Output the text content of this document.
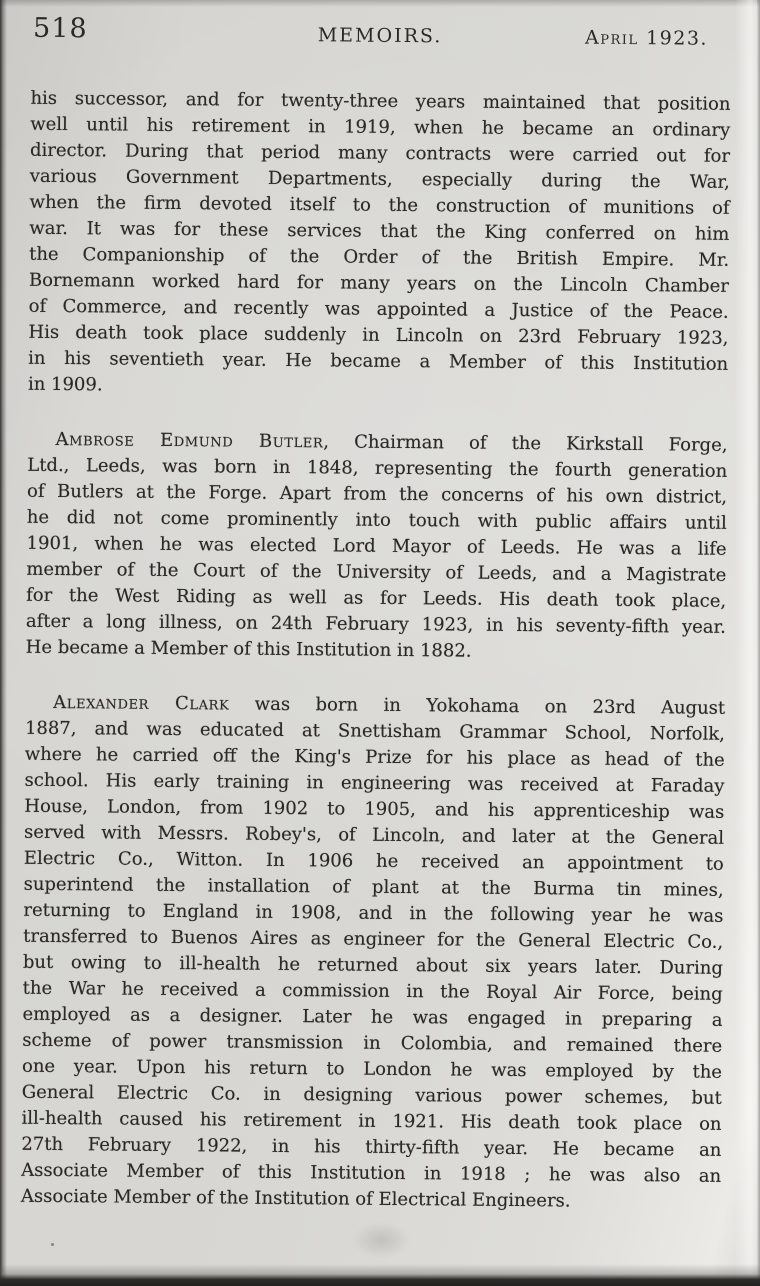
518	MEMOIRS.	April 1923.
his successor, and for twenty-three years maintained that position
well until his retirement in 1919, when he became an ordinary
director. During that period many contracts were carried out for
various Government Departments, especially during the War,
when the firm devoted itself to the construction of munitions of
war. It was for these services that the King conferred on him
the Companionship of the Order of the British Empire. Mr.
Bornemann worked hard for many years on the Lincoln Chamber
of Commerce, and recently was appointed a Justice of the Peace.
His death took place suddenly in Lincoln on 23rd February 1923,
in his seventieth year. He became a Member of this Institution
in 1909.
Ambrose Edmund Butler, Chairman of the Kirkstall Forge,
Ltd., Leeds, was born in 1848, representing the fourth generation
of Butlers at the Forge. Apart from the concerns of his own district,
he did not come prominently into touch with public affairs until
1901, when he was elected Lord Mayor of Leeds. He was a life
member of the Court of the University of Leeds, and a Magistrate
for the West Riding as well as for Leeds. His death took place,
after a long illness, on 24th February 1923, in his seventy-fifth year.
He became a Member of this Institution in 1882.
Alexander Clark was born in Yokohama on 23rd August
1887, and was educated at Snettisham Grammar School, Norfolk,
where he carried off the King's Prize for his place as head of the
school. His early training in engineering was received at Faraday
House, London, from 1902 to 1905, and his apprenticeship was
served with Messrs. Robey's, of Lincoln, and later at the General
Electric Co., Witton. In 1906 he received an appointment to
superintend the installation of plant at the Burma tin mines,
returning to England in 1908, and in the following year he was
transferred to Buenos Aires as engineer for the General Electric Co.,
but owing to ill-health he returned about six years later. During
the War he received a commission in the Royal Air Force, being
employed as a designer. Later he was engaged in preparing a
scheme of power transmission in Colombia, and remained there
one year. Upon his return to London he was employed by the
General Electric Co. in designing various power schemes, but
ill-health caused his retirement in 1921. His death took place on
27th February 1922, in his thirty-fifth year. He became an
Associate Member of this Institution in 1918 ; he was also an
Associate Member of the Institution of Electrical Engineers.
